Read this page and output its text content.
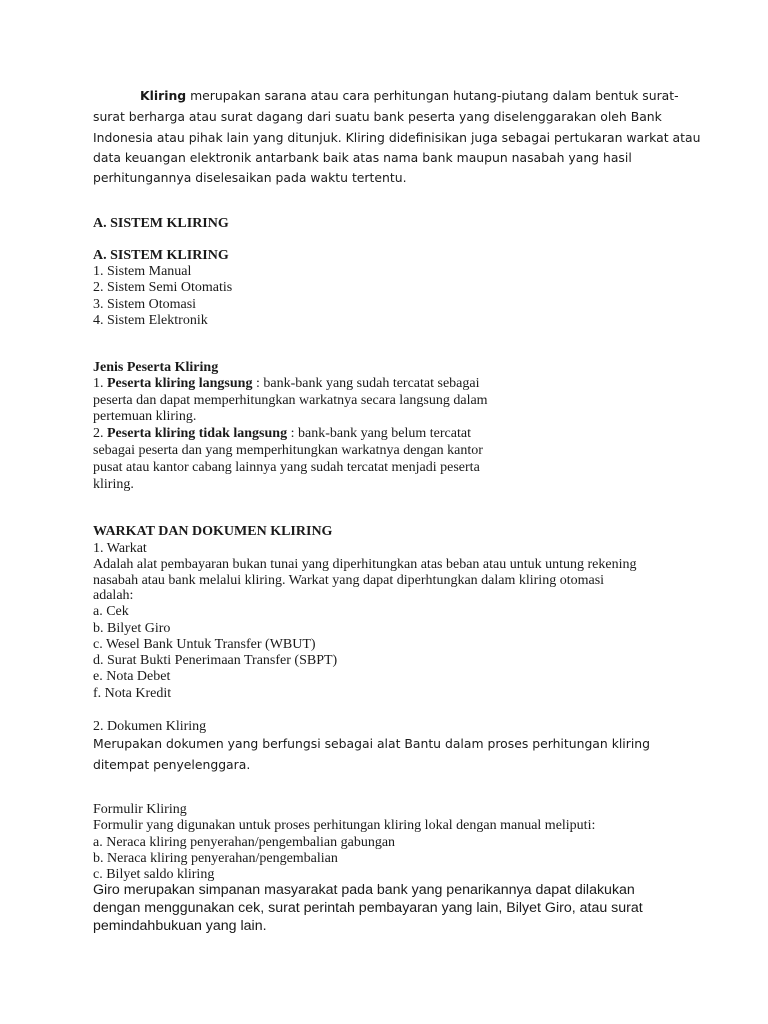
Kliring merupakan sarana atau cara perhitungan hutang-piutang dalam bentuk surat-
surat berharga atau surat dagang dari suatu bank peserta yang diselenggarakan oleh Bank
Indonesia atau pihak lain yang ditunjuk. Kliring didefinisikan juga sebagai pertukaran warkat atau
data keuangan elektronik antarbank baik atas nama bank maupun nasabah yang hasil
perhitungannya diselesaikan pada waktu tertentu.
A. SISTEM KLIRING
A. SISTEM KLIRING
1. Sistem Manual
2. Sistem Semi Otomatis
3. Sistem Otomasi
4. Sistem Elektronik
Jenis Peserta Kliring
1. Peserta kliring langsung : bank-bank yang sudah tercatat sebagai
peserta dan dapat memperhitungkan warkatnya secara langsung dalam
pertemuan kliring.
2. Peserta kliring tidak langsung : bank-bank yang belum tercatat
sebagai peserta dan yang memperhitungkan warkatnya dengan kantor
pusat atau kantor cabang lainnya yang sudah tercatat menjadi peserta
kliring.
WARKAT DAN DOKUMEN KLIRING
1. Warkat
Adalah alat pembayaran bukan tunai yang diperhitungkan atas beban atau untuk untung rekening
nasabah atau bank melalui kliring. Warkat yang dapat diperhtungkan dalam kliring otomasi
adalah:
a. Cek
b. Bilyet Giro
c. Wesel Bank Untuk Transfer (WBUT)
d. Surat Bukti Penerimaan Transfer (SBPT)
e. Nota Debet
f. Nota Kredit
2. Dokumen Kliring
Merupakan dokumen yang berfungsi sebagai alat Bantu dalam proses perhitungan kliring
ditempat penyelenggara.
Formulir Kliring
Formulir yang digunakan untuk proses perhitungan kliring lokal dengan manual meliputi:
a. Neraca kliring penyerahan/pengembalian gabungan
b. Neraca kliring penyerahan/pengembalian
c. Bilyet saldo kliring
Giro merupakan simpanan masyarakat pada bank yang penarikannya dapat dilakukan
dengan menggunakan cek, surat perintah pembayaran yang lain, Bilyet Giro, atau surat
pemindahbukuan yang lain.
